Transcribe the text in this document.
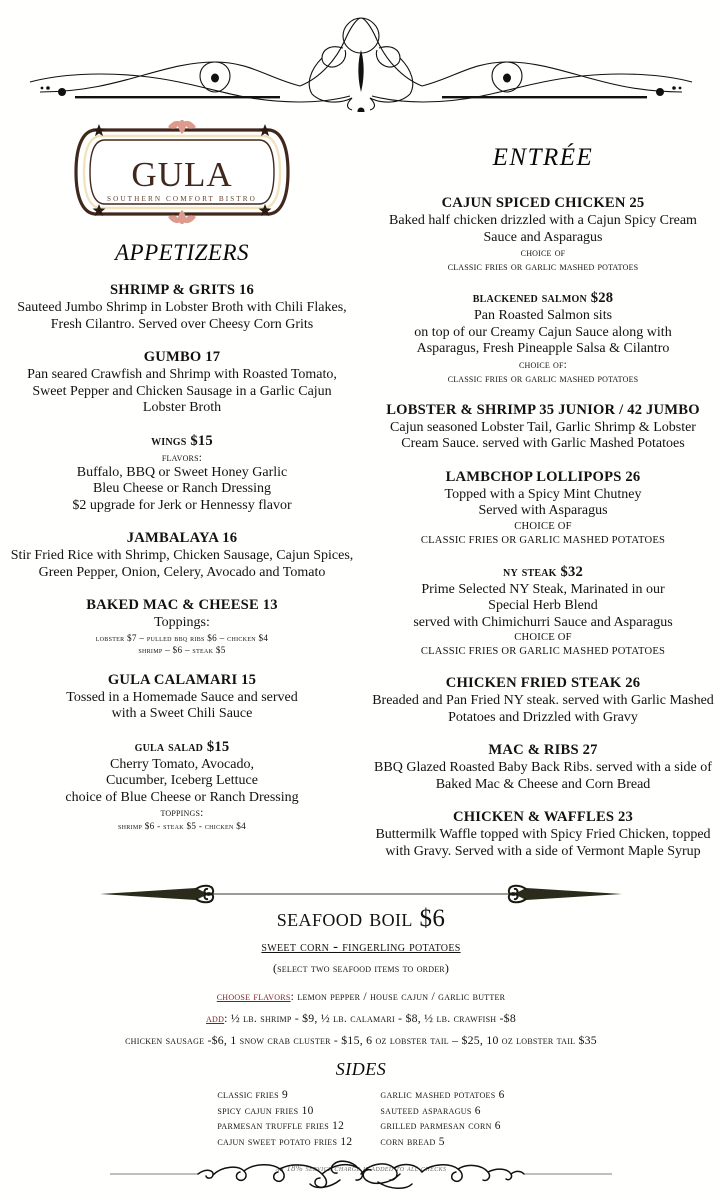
gula
SOUTHERN COMFORT BISTRO
appetizers
SHRIMP & GRITS 16
Sauteed Jumbo Shrimp in Lobster Broth with Chili Flakes,
Fresh Cilantro. Served over Cheesy Corn Grits
GUMBO 17
Pan seared Crawfish and Shrimp with Roasted Tomato,
Sweet Pepper and Chicken Sausage in a Garlic Cajun
Lobster Broth
wings $15
flavors:
Buffalo, BBQ or Sweet Honey Garlic
Bleu Cheese or Ranch Dressing
$2 upgrade for Jerk or Hennessy flavor
JAMBALAYA 16
Stir Fried Rice with Shrimp, Chicken Sausage, Cajun Spices,
Green Pepper, Onion, Celery, Avocado and Tomato
BAKED MAC & CHEESE 13
Toppings:
lobster $7 – pulled bbq ribs $6 – chicken $4
shrimp – $6 – steak $5
GULA CALAMARI 15
Tossed in a Homemade Sauce and served
with a Sweet Chili Sauce
gula salad $15
Cherry Tomato, Avocado,
Cucumber, Iceberg Lettuce
choice of Blue Cheese or Ranch Dressing
toppings:
shrimp $6 - steak $5 - chicken $4
entrée
CAJUN SPICED CHICKEN 25
Baked half chicken drizzled with a Cajun Spicy Cream
Sauce and Asparagus
choice of
classic fries or garlic mashed potatoes
blackened salmon $28
Pan Roasted Salmon sits
on top of our Creamy Cajun Sauce along with
Asparagus, Fresh Pineapple Salsa & Cilantro
choice of:
classic fries or garlic mashed potatoes
LOBSTER & SHRIMP 35 JUNIOR / 42 JUMBO
Cajun seasoned Lobster Tail, Garlic Shrimp & Lobster
Cream Sauce. served with Garlic Mashed Potatoes
LAMBCHOP LOLLIPOPS 26
Topped with a Spicy Mint Chutney
Served with Asparagus
CHOICE OF
CLASSIC FRIES OR GARLIC MASHED POTATOES
ny steak $32
Prime Selected NY Steak, Marinated in our
Special Herb Blend
served with Chimichurri Sauce and Asparagus
CHOICE OF
CLASSIC FRIES OR GARLIC MASHED POTATOES
CHICKEN FRIED STEAK 26
Breaded and Pan Fried NY steak. served with Garlic Mashed
Potatoes and Drizzled with Gravy
MAC & RIBS 27
BBQ Glazed Roasted Baby Back Ribs. served with a side of
Baked Mac & Cheese and Corn Bread
CHICKEN & WAFFLES 23
Buttermilk Waffle topped with Spicy Fried Chicken, topped
with Gravy. Served with a side of Vermont Maple Syrup
seafood boil $6
sweet corn - fingerling potatoes
(select two seafood items to order)
choose flavors: lemon pepper / house cajun / garlic butter
add: ½ lb. shrimp - $9, ½ lb. calamari - $8, ½ lb. crawfish -$8
chicken sausage -$6, 1 snow crab cluster - $15, 6 oz lobster tail – $25, 10 oz lobster tail $35
sides
classic fries 9
spicy cajun fries 10
parmesan truffle fries 12
cajun sweet potato fries 12
garlic mashed potatoes 6
sauteed asparagus 6
grilled parmesan corn 6
corn bread 5
an 18% service charge is added to all checks
